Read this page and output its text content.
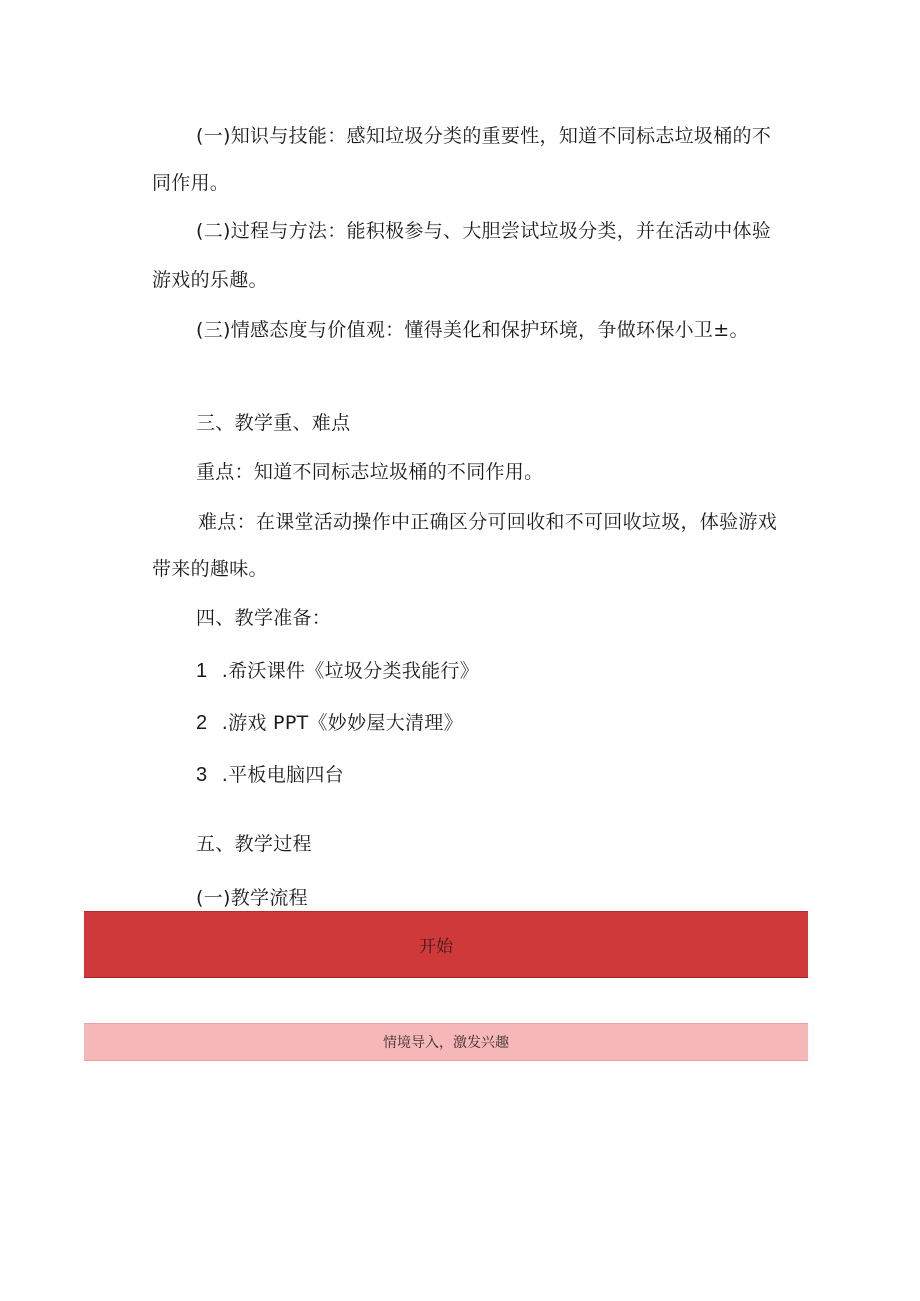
(一)知识与技能：感知垃圾分类的重要性，知道不同标志垃圾桶的不
同作用。
(二)过程与方法：能积极参与、大胆尝试垃圾分类，并在活动中体验
游戏的乐趣。
(三)情感态度与价值观：懂得美化和保护环境，争做环保小卫±。
三、教学重、难点
重点：知道不同标志垃圾桶的不同作用。
难点：在课堂活动操作中正确区分可回收和不可回收垃圾，体验游戏
带来的趣味。
四、教学准备：
1 .希沃课件《垃圾分类我能行》
2 .游戏 PPT《妙妙屋大清理》
3 .平板电脑四台
五、教学过程
(一)教学流程
开始
情境导入，激发兴趣
